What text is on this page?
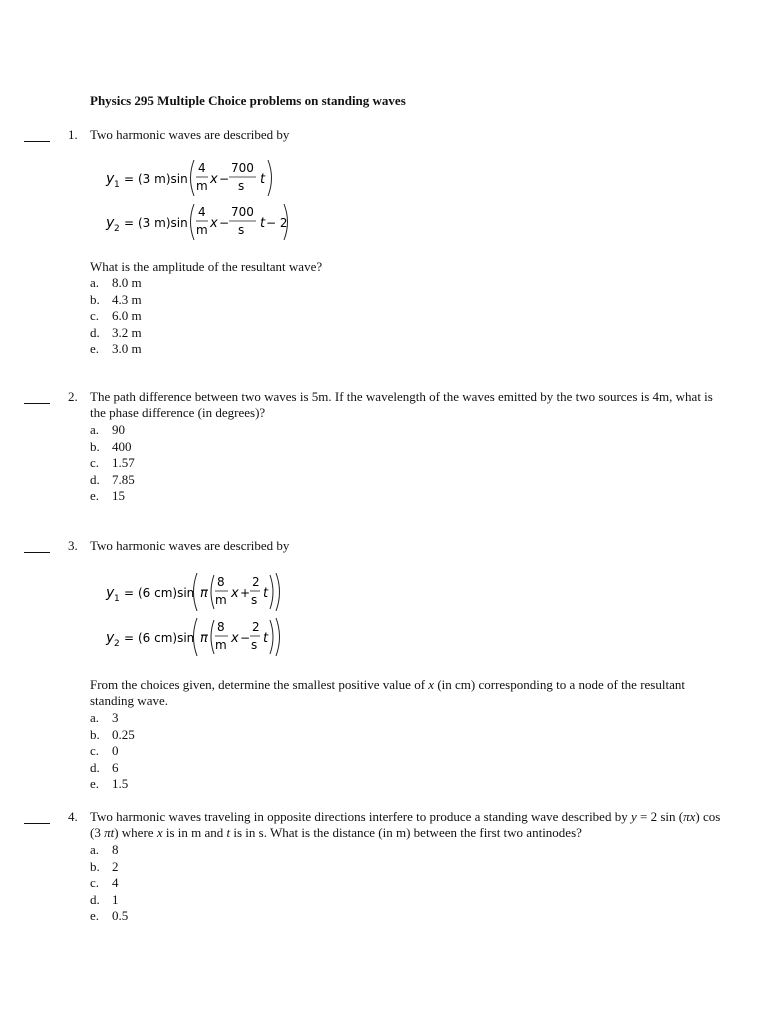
Physics 295 Multiple Choice problems on standing waves
1. Two harmonic waves are described by
y 1 = (3 m)sin
4
m x −
700
s t
y 2 = (3 m)sin
4
m x −
700
s t − 2
What is the amplitude of the resultant wave?
a. 8.0 m
b. 4.3 m
c. 6.0 m
d. 3.2 m
e. 3.0 m
2. The path difference between two waves is 5m. If the wavelength of the waves emitted by the two sources is 4m, what is the phase difference (in degrees)?
a. 90
b. 400
c. 1.57
d. 7.85
e. 15
3. Two harmonic waves are described by
y 1 = (6 cm)sin π
8
m x +
2
s t
y 2 = (6 cm)sin π
8
m x −
2
s t
From the choices given, determine the smallest positive value of x (in cm) corresponding to a node of the resultant standing wave.
a. 3
b. 0.25
c. 0
d. 6
e. 1.5
4. Two harmonic waves traveling in opposite directions interfere to produce a standing wave described by y = 2 sin (πx) cos (3 πt) where x is in m and t is in s. What is the distance (in m) between the first two antinodes?
a. 8
b. 2
c. 4
d. 1
e. 0.5
